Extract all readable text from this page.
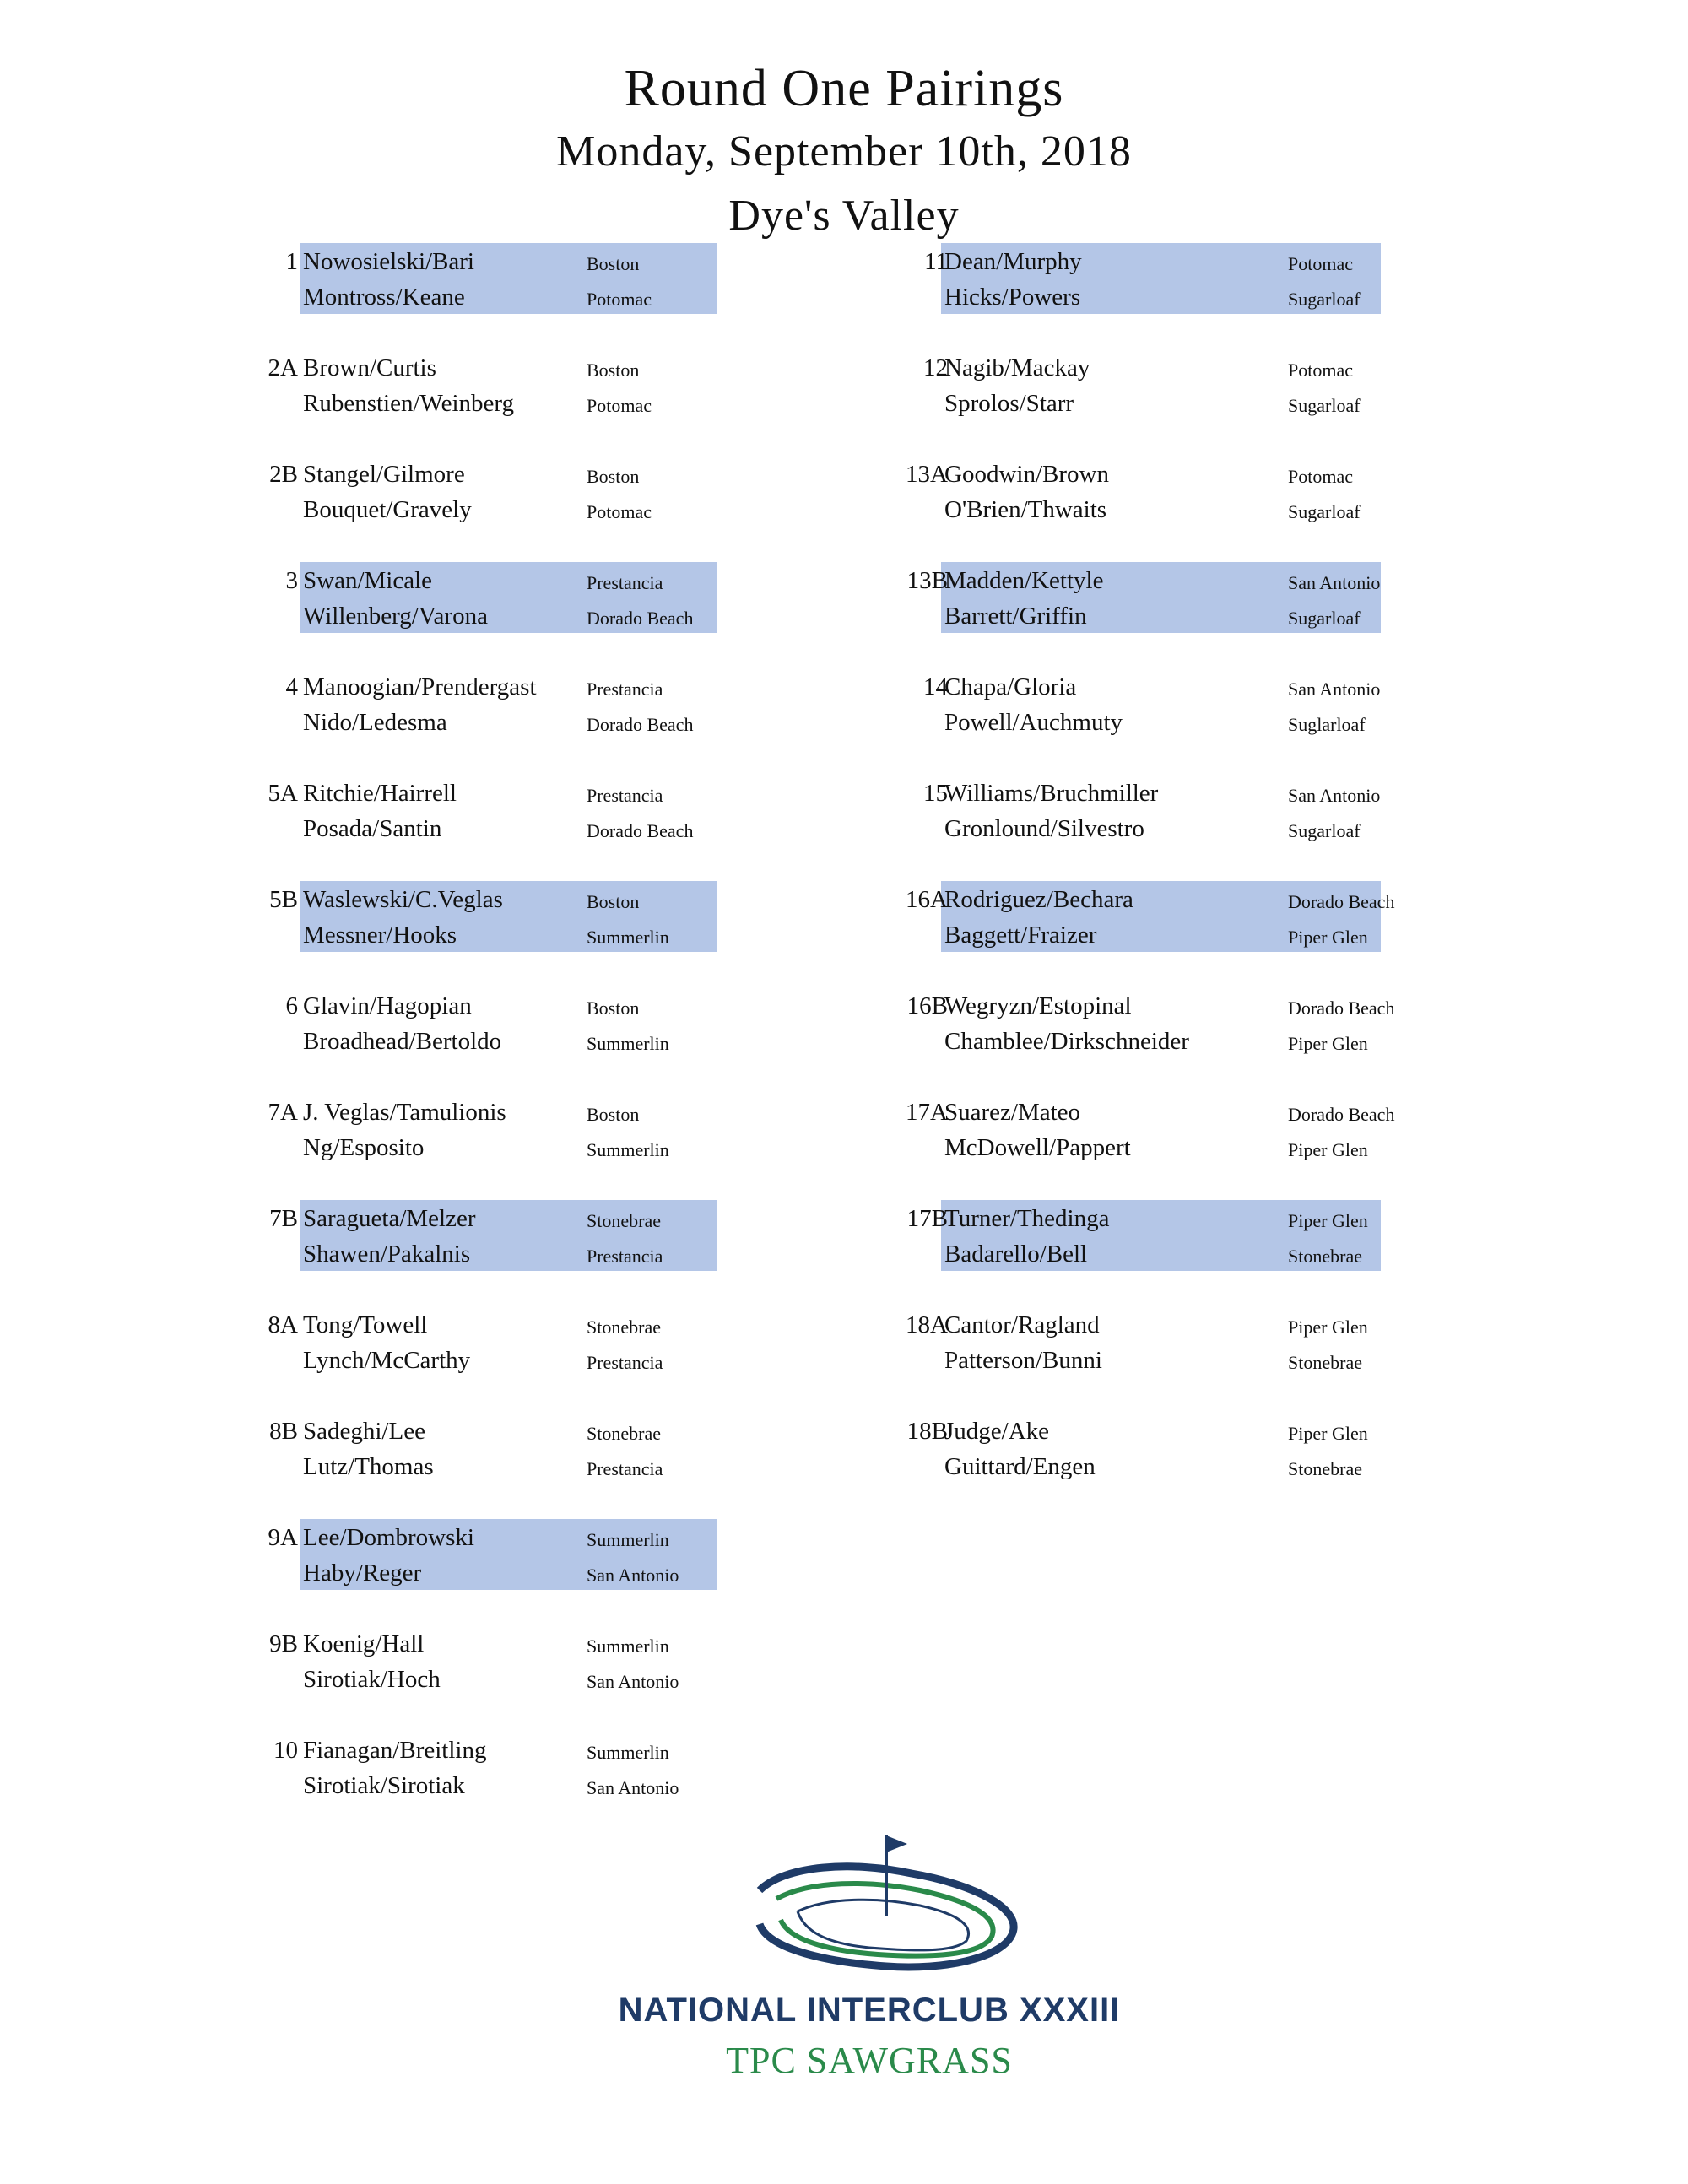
Round One Pairings
Monday, September 10th, 2018
Dye's Valley
1 Nowosielski/Bari	Boston
Montross/Keane	Potomac
2A Brown/Curtis	Boston
Rubenstien/Weinberg	Potomac
2B Stangel/Gilmore	Boston
Bouquet/Gravely	Potomac
3 Swan/Micale	Prestancia
Willenberg/Varona	Dorado Beach
4 Manoogian/Prendergast	Prestancia
Nido/Ledesma	Dorado Beach
5A Ritchie/Hairrell	Prestancia
Posada/Santin	Dorado Beach
5B Waslewski/C.Veglas	Boston
Messner/Hooks	Summerlin
6 Glavin/Hagopian	Boston
Broadhead/Bertoldo	Summerlin
7A J. Veglas/Tamulionis	Boston
Ng/Esposito	Summerlin
7B Saragueta/Melzer	Stonebrae
Shawen/Pakalnis	Prestancia
8A Tong/Towell	Stonebrae
Lynch/McCarthy	Prestancia
8B Sadeghi/Lee	Stonebrae
Lutz/Thomas	Prestancia
9A Lee/Dombrowski	Summerlin
Haby/Reger	San Antonio
9B Koenig/Hall	Summerlin
Sirotiak/Hoch	San Antonio
10 Fianagan/Breitling	Summerlin
Sirotiak/Sirotiak	San Antonio
11
Dean/Murphy	Potomac
Hicks/Powers	Sugarloaf
12
Nagib/Mackay	Potomac
Sprolos/Starr	Sugarloaf
13A
Goodwin/Brown	Potomac
O'Brien/Thwaits	Sugarloaf
13B
Madden/Kettyle	San Antonio
Barrett/Griffin	Sugarloaf
14
Chapa/Gloria	San Antonio
Powell/Auchmuty	Suglarloaf
15
Williams/Bruchmiller	San Antonio
Gronlound/Silvestro	Sugarloaf
16A
Rodriguez/Bechara	Dorado Beach
Baggett/Fraizer	Piper Glen
16B
Wegryzn/Estopinal	Dorado Beach
Chamblee/Dirkschneider	Piper Glen
17A
Suarez/Mateo	Dorado Beach
McDowell/Pappert	Piper Glen
17B
Turner/Thedinga	Piper Glen
Badarello/Bell	Stonebrae
18A
Cantor/Ragland	Piper Glen
Patterson/Bunni	Stonebrae
18B
Judge/Ake	Piper Glen
Guittard/Engen	Stonebrae
NATIONAL INTERCLUB XXXIII
TPC SAWGRASS
